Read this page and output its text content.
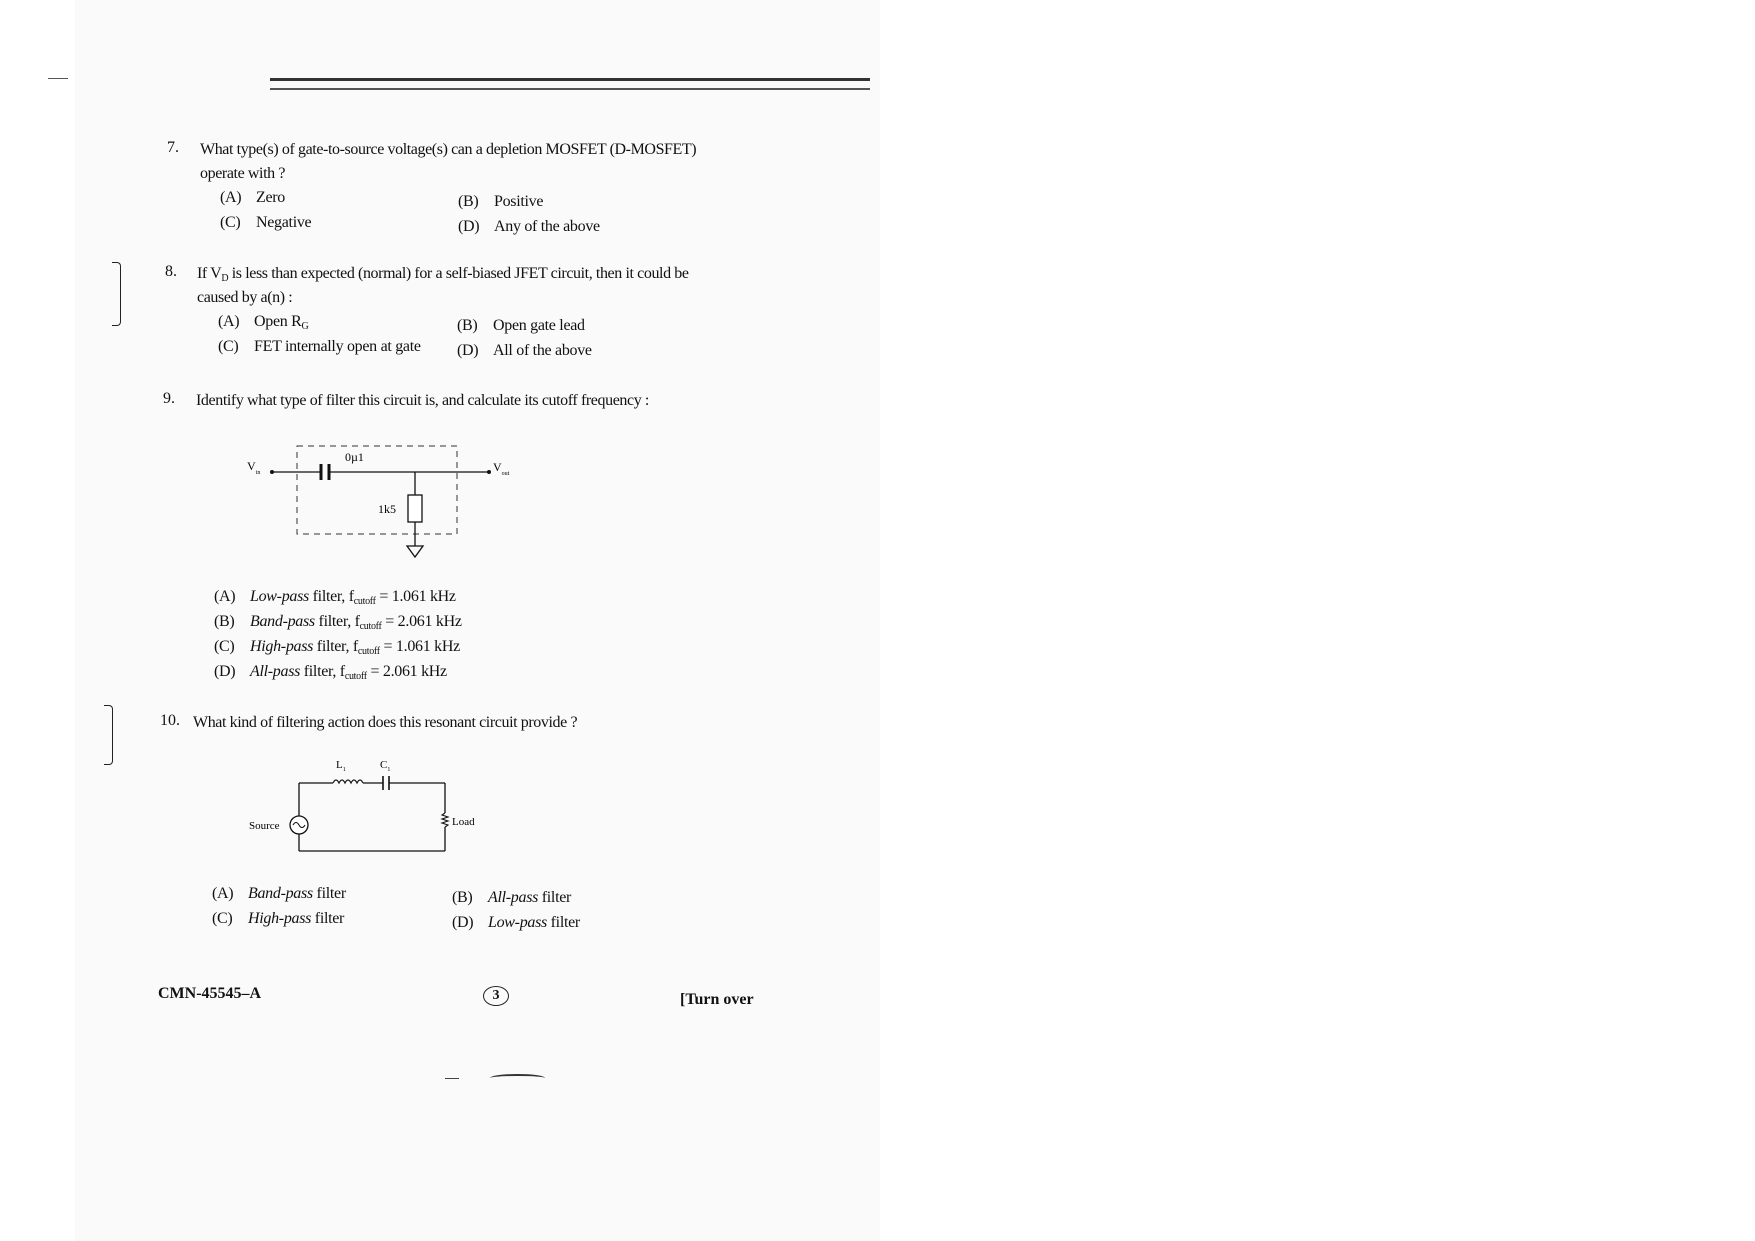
7. What type(s) of gate-to-source voltage(s) can a depletion MOSFET (D-MOSFET)
operate with ?
(A) Zero	(B) Positive
(C) Negative	(D) Any of the above
8. If $V_D$ is less than expected (normal) for a self-biased JFET circuit, then it could be
caused by a(n) :
(A) Open $R_G$	(B) Open gate lead
(C) FET internally open at gate (D) All of the above
9. Identify what type of filter this circuit is, and calculate its cutoff frequency :
$V_{in}$	$V_{out}$
0µ1
1k5
(A) Low-pass filter, $f_{cutoff} = 1.061$ kHz
(B) Band-pass filter, $f_{cutoff} = 2.061$ kHz
(C) High-pass filter, $f_{cutoff} = 1.061$ kHz
(D) All-pass filter, $f_{cutoff} = 2.061$ kHz
10. What kind of filtering action does this resonant circuit provide ?
$L_1$	$C_1$
Source	Load
(A) Band-pass filter	(B) All-pass filter
(C) High-pass filter	(D) Low-pass filter
CMN-45545–A	3	[Turn over
